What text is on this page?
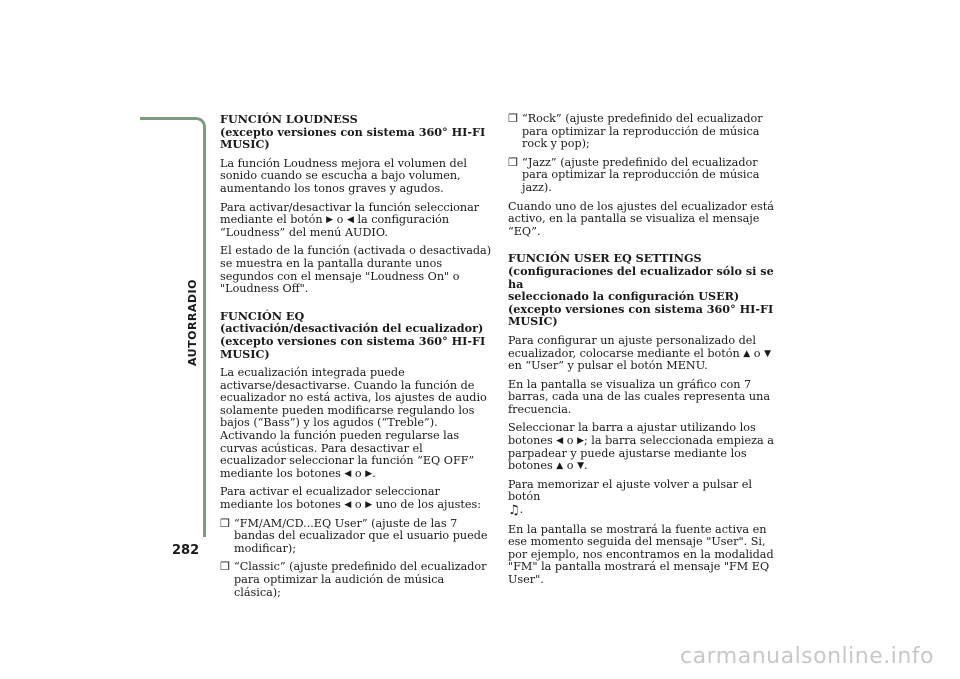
AUTORRADIO
282
FUNCIÓN LOUDNESS
(excepto versiones con sistema 360° HI-FI
MUSIC)

La función Loudness mejora el volumen del sonido cuando se escucha a bajo volumen, aumentando los tonos graves y agudos.

Para activar/desactivar la función seleccionar mediante el botón ▶ o ◀ la configuración “Loudness” del menú AUDIO.

El estado de la función (activada o desactivada) se muestra en la pantalla durante unos segundos con el mensaje "Loudness On" o "Loudness Off".

FUNCIÓN EQ
(activación/desactivación del ecualizador)
(excepto versiones con sistema 360° HI-FI
MUSIC)

La ecualización integrada puede activarse/desactivarse. Cuando la función de ecualizador no está activa, los ajustes de audio solamente pueden modificarse regulando los bajos (“Bass”) y los agudos (“Treble”). Activando la función pueden regularse las curvas acústicas. Para desactivar el ecualizador seleccionar la función “EQ OFF” mediante los botones ◀ o ▶.

Para activar el ecualizador seleccionar mediante los botones ◀ o ▶ uno de los ajustes:

❒ “FM/AM/CD...EQ User” (ajuste de las 7 bandas del ecualizador que el usuario puede modificar);
❒ “Classic” (ajuste predefinido del ecualizador para optimizar la audición de música clásica);
❒ “Rock” (ajuste predefinido del ecualizador para optimizar la reproducción de música rock y pop);
❒ “Jazz” (ajuste predefinido del ecualizador para optimizar la reproducción de música jazz).

Cuando uno de los ajustes del ecualizador está activo, en la pantalla se visualiza el mensaje “EQ”.

FUNCIÓN USER EQ SETTINGS
(configuraciones del ecualizador sólo si se ha
seleccionado la configuración USER)
(excepto versiones con sistema 360° HI-FI
MUSIC)

Para configurar un ajuste personalizado del ecualizador, colocarse mediante el botón ▲ o ▼ en “User” y pulsar el botón MENU.

En la pantalla se visualiza un gráfico con 7 barras, cada una de las cuales representa una frecuencia.

Seleccionar la barra a ajustar utilizando los botones ◀ o ▶; la barra seleccionada empieza a parpadear y puede ajustarse mediante los botones ▲ o ▼.

Para memorizar el ajuste volver a pulsar el botón
♫.

En la pantalla se mostrará la fuente activa en ese momento seguida del mensaje "User". Si, por ejemplo, nos encontramos en la modalidad "FM" la pantalla mostrará el mensaje "FM EQ User".

carmanualsonline.info
